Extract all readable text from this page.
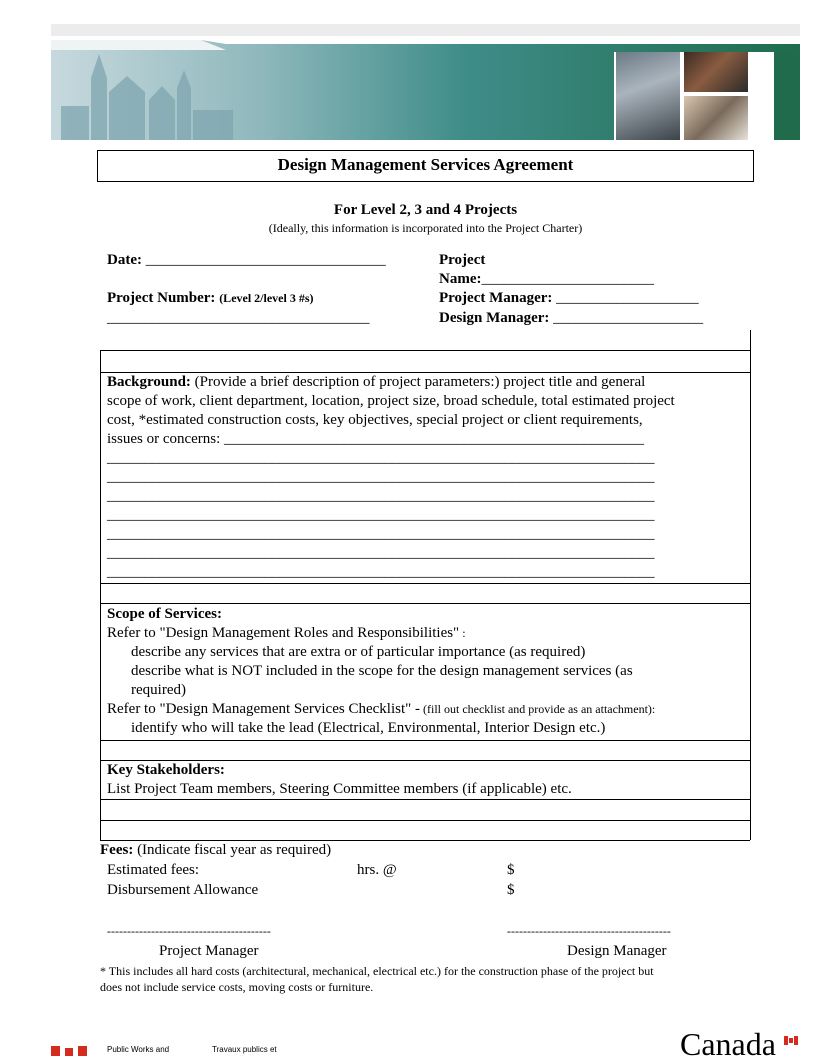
Design Management Services Agreement
For Level 2, 3 and 4 Projects
(Ideally, this information is incorporated into the Project Charter)
Date: ________________________________	Project
Name:_______________________
Project Number: (Level 2/level 3 #s)	Project Manager: ___________________
___________________________________	Design Manager: ____________________
Background: (Provide a brief description of project parameters:) project title and general
scope of work, client department, location, project size, broad schedule, total estimated project
cost, *estimated construction costs, key objectives, special project or client requirements,
issues or concerns: ________________________________________________________
_________________________________________________________________________
_________________________________________________________________________
_________________________________________________________________________
_________________________________________________________________________
_________________________________________________________________________
_________________________________________________________________________
_________________________________________________________________________
Scope of Services:
Refer to "Design Management Roles and Responsibilities" :
describe any services that are extra or of particular importance (as required)
describe what is NOT included in the scope for the design management services (as
required)
Refer to "Design Management Services Checklist" - (fill out checklist and provide as an attachment):
identify who will take the lead (Electrical, Environmental, Interior Design etc.)
Key Stakeholders:
List Project Team members, Steering Committee members (if applicable) etc.
Fees: (Indicate fiscal year as required)
Estimated fees:	hrs. @	$
Disbursement Allowance	$
-----------------------------------------	-----------------------------------------
Project Manager	Design Manager
* This includes all hard costs (architectural, mechanical, electrical etc.) for the construction phase of the project but
does not include service costs, moving costs or furniture.
Public Works and	Travaux publics et	Canada
